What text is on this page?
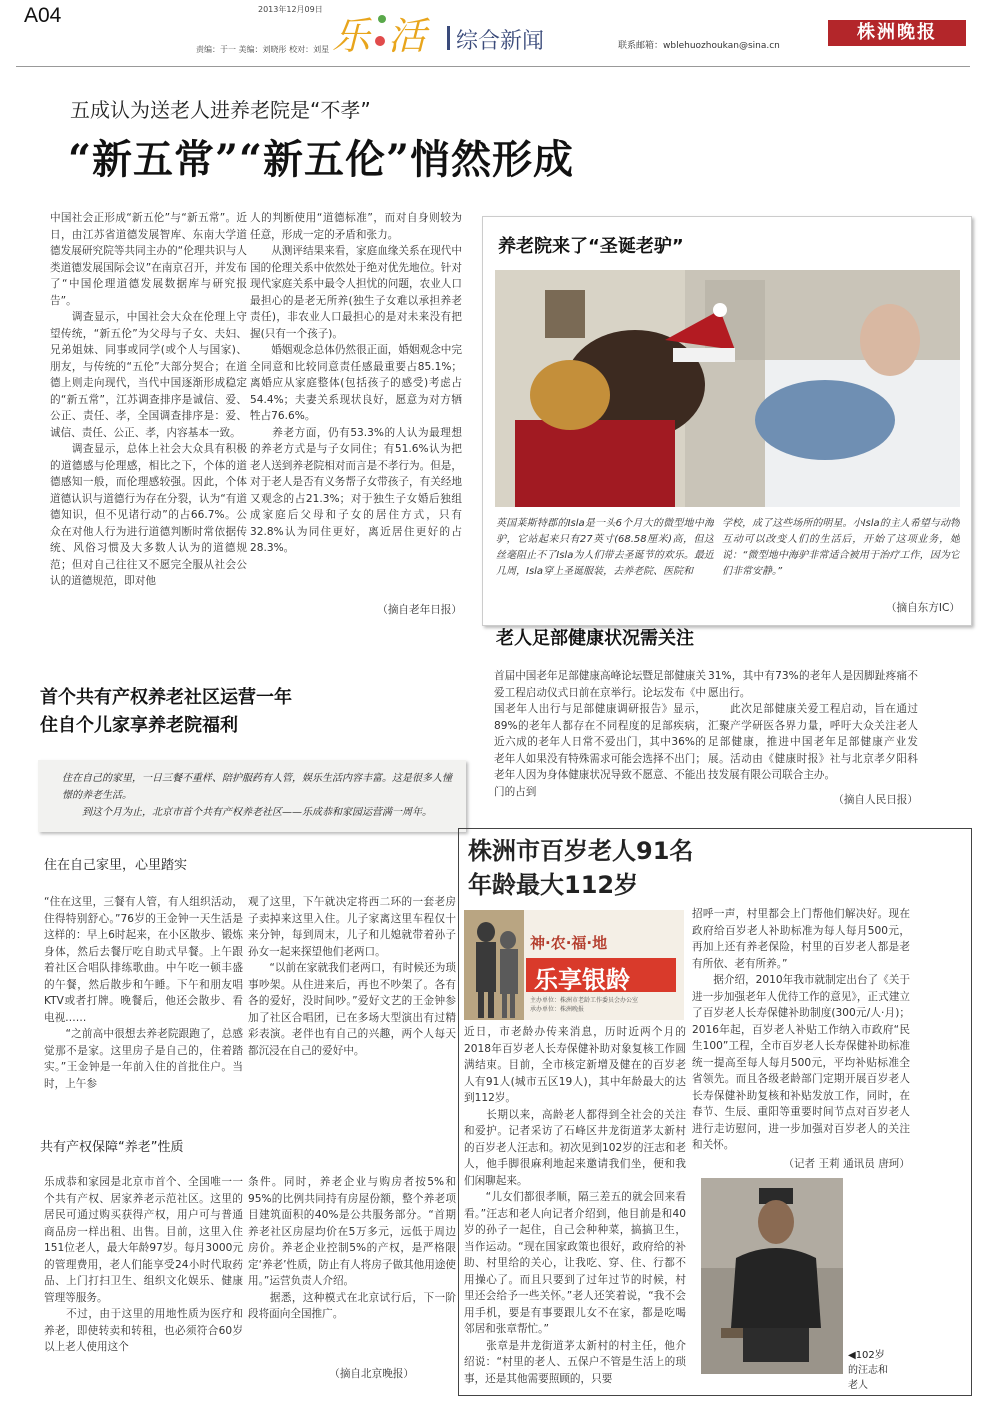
A04	2013年12月09日
责编：于一 美编：刘晓彤 校对：刘星 乐 活 综合新闻	联系邮箱：wblehuozhoukan@sina.cn
株洲晚报
五成认为送老人进养老院是“不孝”
“新五常”“新五伦”悄然形成
中国社会正形成“新五伦”与“新五常”。近日，由江苏省道德发展智库、东南大学道德发展研究院等共同主办的“伦理共识与人类道德发展国际会议”在南京召开，并发布了“中国伦理道德发展数据库与研究报告”。
　　调查显示，中国社会大众在伦理上守望传统，“新五伦”为父母与子女、夫妇、兄弟姐妹、同事或同学(或个人与国家)、朋友，与传统的“五伦”大部分契合；在道德上则走向现代，当代中国逐渐形成稳定的“新五常”，江苏调查排序是诚信、爱、公正、责任、孝，全国调查排序是：爱、诚信、责任、公正、孝，内容基本一致。
　　调查显示，总体上社会大众具有积极的道德感与伦理感，相比之下，个体的道德感知一般，而伦理感较强。因此，个体道德认识与道德行为存在分裂，认为“有道德知识，但不见诸行动”的占66.7%。公众在对他人行为进行道德判断时常依据传统、风俗习惯及大多数人认为的道德规范；但对自己往往又不愿完全服从社会公认的道德规范，即对他
人的判断使用“道德标准”，而对自身则较为任意，形成一定的矛盾和张力。
　　从测评结果来看，家庭血缘关系在现代中国的伦理关系中依然处于绝对优先地位。针对现代家庭关系中最令人担忧的问题，农业人口最担心的是老无所养(独生子女难以承担养老责任)，非农业人口最担心的是对未来没有把握(只有一个孩子)。
　　婚姻观念总体仍然很正面，婚姻观念中完全同意和比较同意责任感最重要占85.1%；离婚应从家庭整体(包括孩子的感受)考虑占54.4%；夫妻关系现状良好，愿意为对方牺牲占76.6%。
　　养老方面，仍有53.3%的人认为最理想的养老方式是与子女同住；有51.6%认为把老人送到养老院相对而言是不孝行为。但是，对于老人是否有义务帮子女带孩子，有关经地又观念的占21.3%；对于独生子女婚后独组成家庭后父母和子女的居住方式，只有32.8%认为同住更好，离近居住更好的占28.3%。
（摘自老年日报）
养老院来了“圣诞老驴”
英国莱斯特郡的Isla是一头6个月大的微型地中海驴，它站起来只有27英寸(68.58厘米)高，但这丝毫阻止不了Isla为人们带去圣诞节的欢乐。最近几周，Isla穿上圣诞服装，去养老院、医院和
学校，成了这些场所的明星。小Isla的主人希望与动物互动可以改变人们的生活后，开始了这项业务，她说：“微型地中海驴非常适合被用于治疗工作，因为它们非常安静。”
（摘自东方IC）
老人足部健康状况需关注
首届中国老年足部健康高峰论坛暨足部健康关爱工程启动仪式日前在京举行。论坛发布《中国老年人出行与足部健康调研报告》显示，89%的老年人都存在不同程度的足部疾病，近六成的老年人日常不爱出门，其中36%的老年人如果没有特殊需求可能会选择不出门；老年人因为身体健康状况导致不愿意、不能出门的占到
31%，其中有73%的老年人是因脚趾疼痛不愿出行。
　　此次足部健康关爱工程启动，旨在通过汇聚产学研医各界力量，呼吁大众关注老人足部健康，推进中国老年足部健康产业发展。活动由《健康时报》社与北京孝夕阳科技发展有限公司联合主办。
（摘自人民日报）
首个共有产权养老社区运营一年
住自个儿家享养老院福利
住在自己的家里，一日三餐不重样、陪护服药有人管，娱乐生活内容丰富。这是很多人憧憬的养老生活。
　　到这个月为止，北京市首个共有产权养老社区——乐成恭和家园运营满一周年。
住在自己家里，心里踏实
“住在这里，三餐有人管，有人组织活动，住得特别舒心。”76岁的王金钟一天生活是这样的：早上6时起来，在小区散步、锻炼身体，然后去餐厅吃自助式早餐。上午跟着社区合唱队排练歌曲。中午吃一顿丰盛的午餐，然后散步和午睡。下午和朋友唱KTV或者打牌。晚餐后，他还会散步、看电视……
　　“之前高中很想去养老院跟跑了，总感觉那不是家。这里房子是自己的，住着踏实。”王金钟是一年前入住的首批住户。当时，上午参
观了这里，下午就决定将西二环的一套老房子卖掉来这里入住。儿子家离这里车程仅十来分钟，每到周末，儿子和儿媳就带着孙子孙女一起来探望他们老两口。
　　“以前在家就我们老两口，有时候还为琐事吵架。从住进来后，再也不吵架了。各有各的爱好，没时间吵。”爱好文艺的王金钟参加了社区合唱团，已在多场大型演出有过精彩表演。老伴也有自己的兴趣，两个人每天都沉浸在自己的爱好中。
共有产权保障“养老”性质
乐成恭和家园是北京市首个、全国唯一一个共有产权、居家养老示范社区。这里的居民可通过购买获得产权，用户可与普通商品房一样出租、出售。目前，这里入住151位老人，最大年龄97岁。每月3000元的管理费用，老人们能享受24小时代取药品、上门打扫卫生、组织文化娱乐、健康管理等服务。
　　不过，由于这里的用地性质为医疗和养老，即使转卖和转租，也必须符合60岁以上老人使用这个
条件。同时，养老企业与购房者按5%和95%的比例共同持有房屋份额，整个养老项目建筑面积的40%是公共服务部分。“首期养老社区房屋均价在5万多元，远低于周边房价。养老企业控制5%的产权，是严格限定‘养老’性质，防止有人将房子做其他用途使用。”运营负责人介绍。
　　据悉，这种模式在北京试行后，下一阶段将面向全国推广。
（摘自北京晚报）
株洲市百岁老人91名
年龄最大112岁
神·农·福·地
乐享银龄
主办单位：株洲市老龄工作委员会办公室
承办单位：株洲晚报
近日，市老龄办传来消息，历时近两个月的2018年百岁老人长寿保健补助对象复核工作圆满结束。目前，全市核定新增及健在的百岁老人有91人(城市五区19人)，其中年龄最大的达到112岁。
　　长期以来，高龄老人都得到全社会的关注和爱护。记者采访了石峰区井龙街道茅太新村的百岁老人汪志和。初次见到102岁的汪志和老人，他手脚很麻利地起来邀请我们坐，便和我们闲聊起来。
　　“儿女们都很孝顺，隔三差五的就会回来看看。”汪志和老人向记者介绍到，他目前是和40岁的孙子一起住，自己会种种菜，搞搞卫生，当作运动。“现在国家政策也很好，政府给的补助、村里给的关心，让我吃、穿、住、行都不用操心了。而且只要到了过年过节的时候，村里还会给予一些关怀。”老人还笑着说，“我不会用手机，要是有事要跟儿女不在家，都是吃喝邻居和张章帮忙。”
　　张章是井龙街道茅太新村的村主任，他介绍说：“村里的老人、五保户不管是生活上的琐事，还是其他需要照顾的，只要
招呼一声，村里都会上门帮他们解决好。现在政府给百岁老人补助标准为每人每月500元，再加上还有养老保险，村里的百岁老人都是老有所依、老有所养。”
　　据介绍，2010年我市就制定出台了《关于进一步加强老年人优待工作的意见》，正式建立了百岁老人长寿保健补助制度(300元/人·月)；2016年起，百岁老人补贴工作纳入市政府“民生100”工程，全市百岁老人长寿保健补助标准统一提高至每人每月500元，平均补贴标准全省领先。而且各级老龄部门定期开展百岁老人长寿保健补助复核和补贴发放工作，同时，在春节、生辰、重阳等重要时间节点对百岁老人进行走访慰问，进一步加强对百岁老人的关注和关怀。
（记者 王莉 通讯员 唐珂）
◀102岁
的汪志和
老人
